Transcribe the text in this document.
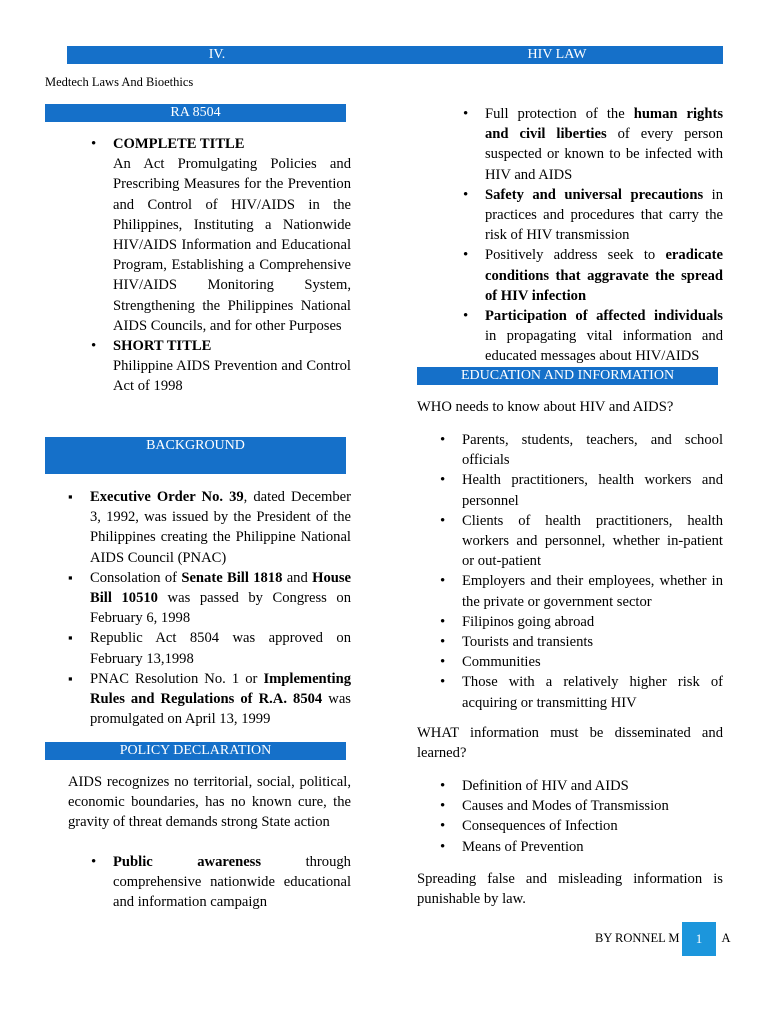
IV.	HIV LAW
Medtech Laws And Bioethics
RA 8504
BACKGROUND
POLICY DECLARATION
• COMPLETE TITLE

An Act Promulgating Policies and Prescribing Measures for the Prevention and Control of HIV/AIDS in the Philippines, Instituting a Nationwide HIV/AIDS Information and Educational Program, Establishing a Comprehensive HIV/AIDS Monitoring System, Strengthening the Philippines National AIDS Councils, and for other Purposes

• SHORT TITLE

Philippine AIDS Prevention and Control Act of 1998

▪ Executive Order No. 39, dated December 3, 1992, was issued by the President of the Philippines creating the Philippine National AIDS Council (PNAC)
▪ Consolation of Senate Bill 1818 and House Bill 10510 was passed by Congress on February 6, 1998
▪ Republic Act 8504 was approved on February 13,1998
▪ PNAC Resolution No. 1 or Implementing Rules and Regulations of R.A. 8504 was promulgated on April 13, 1999
AIDS recognizes no territorial, social, political, economic boundaries, has no known cure, the gravity of threat demands strong State action
• Public awareness through comprehensive nationwide educational and information campaign
• Full protection of the human rights and civil liberties of every person suspected or known to be infected with HIV and AIDS
• Safety and universal precautions in practices and procedures that carry the risk of HIV transmission
• Positively address seek to eradicate conditions that aggravate the spread of HIV infection
• Participation of affected individuals in propagating vital information and educated messages about HIV/AIDS
EDUCATION AND INFORMATION
WHO needs to know about HIV and AIDS?
• Parents, students, teachers, and school officials
• Health practitioners, health workers and personnel
• Clients of health practitioners, health workers and personnel, whether in-patient or out-patient
• Employers and their employees, whether in the private or government sector
• Filipinos going abroad
• Tourists and transients
• Communities
• Those with a relatively higher risk of acquiring or transmitting HIV
WHAT information must be disseminated and learned?
• Definition of HIV and AIDS
• Causes and Modes of Transmission
• Consequences of Infection
• Means of Prevention
Spreading false and misleading information is punishable by law.
BY RONNEL M	A
1
